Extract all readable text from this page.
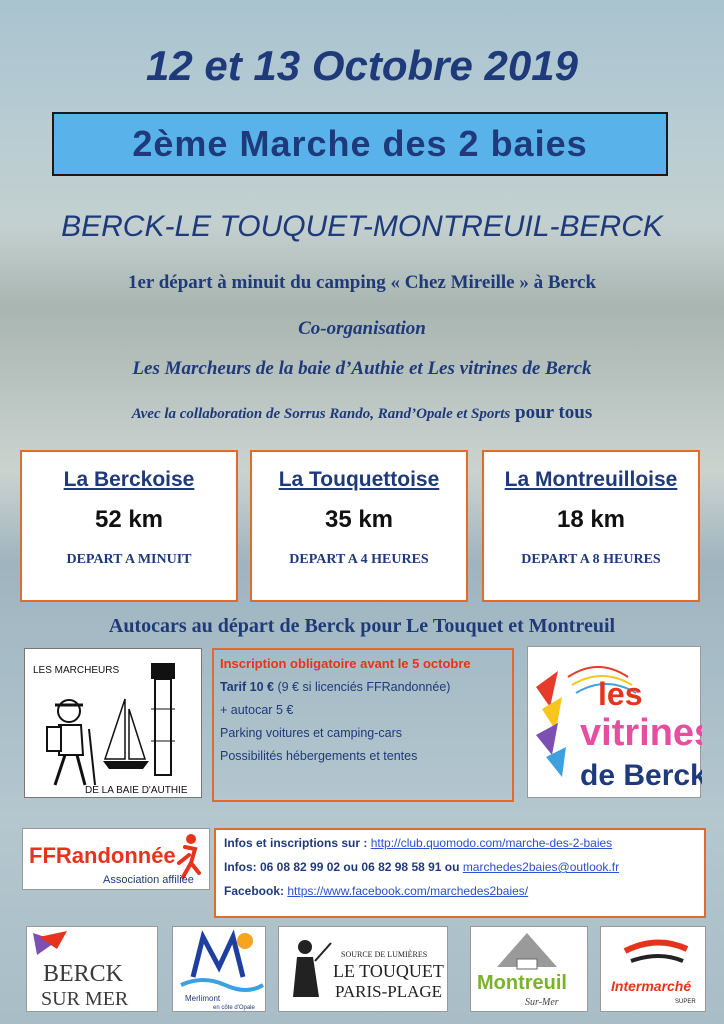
12 et 13 Octobre 2019
2ème Marche des 2 baies
BERCK-LE TOUQUET-MONTREUIL-BERCK
1er départ à minuit du camping « Chez Mireille » à Berck
Co-organisation
Les Marcheurs de la baie d’Authie et Les vitrines de Berck
Avec la collaboration de Sorrus Rando, Rand’Opale et Sports pour tous
La Berckoise
52 km
DEPART A MINUIT
La Touquettoise
35 km
DEPART A 4 HEURES
La Montreuilloise
18 km
DEPART A 8 HEURES
Autocars au départ de Berck pour Le Touquet et Montreuil
LES MARCHEURS
DE LA BAIE D'AUTHIE
Inscription obligatoire avant le 5 octobre
Tarif 10 € (9 € si licenciés FFRandonnée)
+ autocar 5 €
Parking voitures et camping-cars
Possibilités hébergements et tentes
les
vitrines
de Berck
FFRandonnée
Association affiliée
Infos et inscriptions sur : http://club.quomodo.com/marche-des-2-baies
Infos: 06 08 82 99 02 ou 06 82 98 58 91 ou marchedes2baies@outlook.fr
Facebook: https://www.facebook.com/marchedes2baies/
BERCK
SUR MER	Merlimont
en côte d'Opale
SOURCE DE LUMIÈRES
LE TOUQUET
PARIS-PLAGE Montreuil
Sur-Mer
Intermarché
SUPER
